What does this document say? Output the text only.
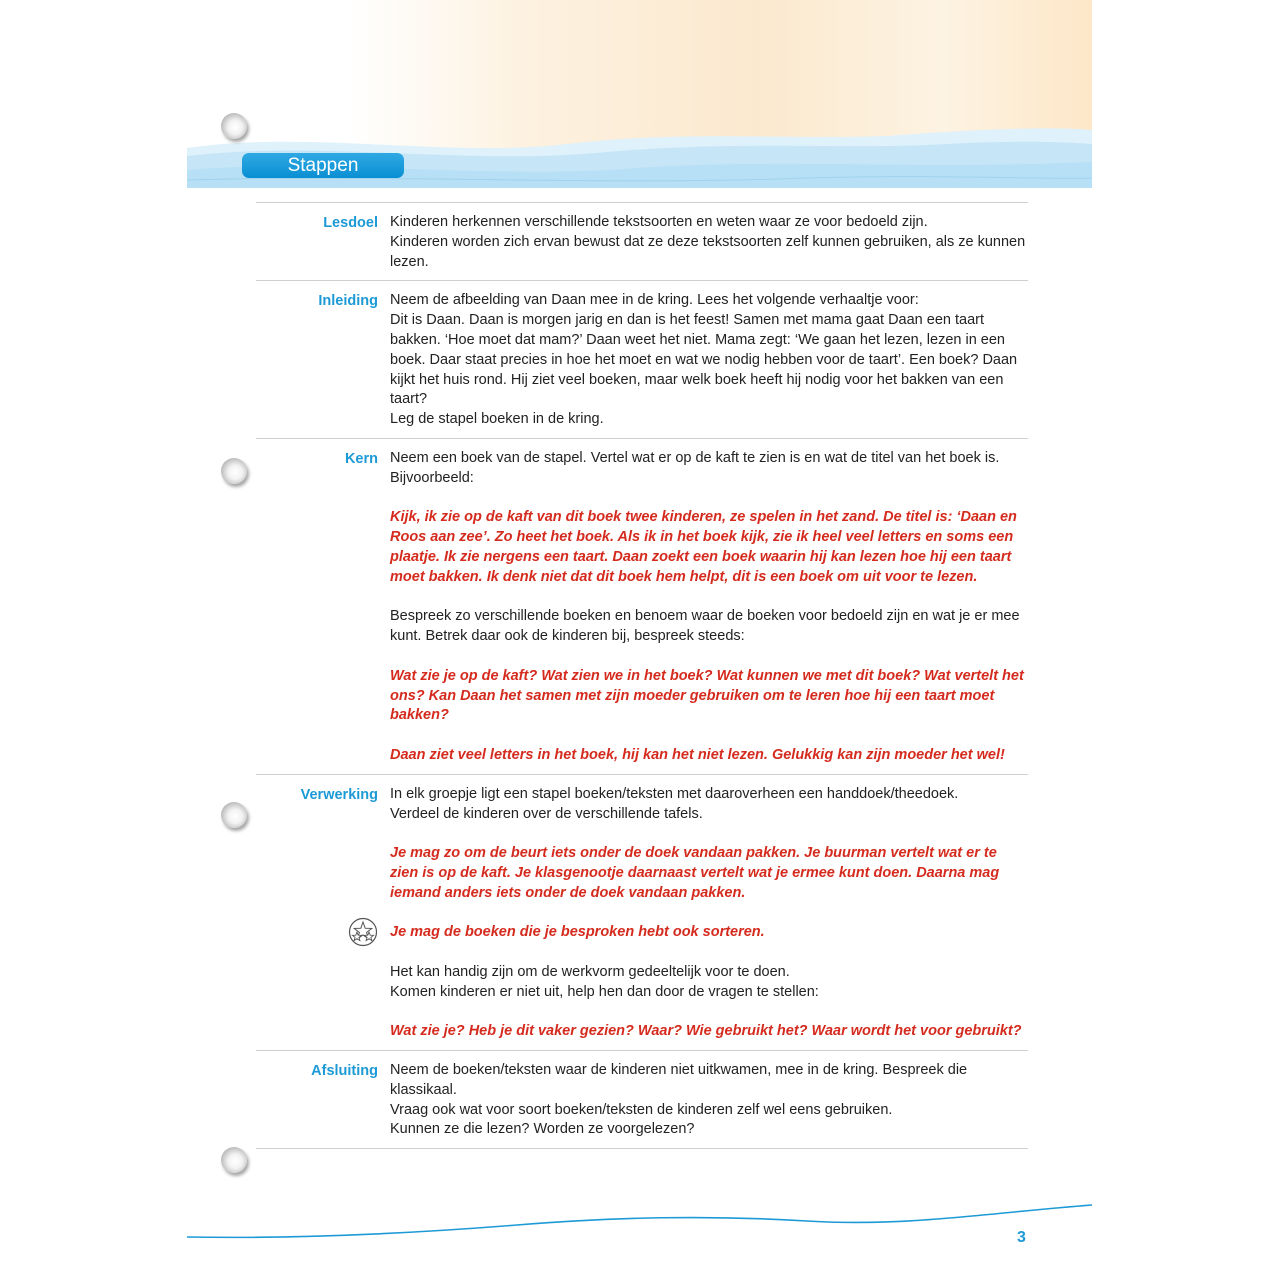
Stappen
Lesdoel Kinderen herkennen verschillende tekstsoorten en weten waar ze voor bedoeld zijn.

Kinderen worden zich ervan bewust dat ze deze tekstsoorten zelf kunnen gebruiken, als ze kunnen lezen.

Inleiding Neem de afbeelding van Daan mee in de kring. Lees het volgende verhaaltje voor:

Dit is Daan. Daan is morgen jarig en dan is het feest! Samen met mama gaat Daan een taart bakken. ‘Hoe moet dat mam?’ Daan weet het niet. Mama zegt: ‘We gaan het lezen, lezen in een boek. Daar staat precies in hoe het moet en wat we nodig hebben voor de taart’. Een boek? Daan kijkt het huis rond. Hij ziet veel boeken, maar welk boek heeft hij nodig voor het bakken van een taart?

Leg de stapel boeken in de kring.

Kern Neem een boek van de stapel. Vertel wat er op de kaft te zien is en wat de titel van het boek is. Bijvoorbeeld:

Kijk, ik zie op de kaft van dit boek twee kinderen, ze spelen in het zand. De titel is: ‘Daan en Roos aan zee’. Zo heet het boek. Als ik in het boek kijk, zie ik heel veel letters en soms een plaatje. Ik zie nergens een taart. Daan zoekt een boek waarin hij kan lezen hoe hij een taart moet bakken. Ik denk niet dat dit boek hem helpt, dit is een boek om uit voor te lezen.

Bespreek zo verschillende boeken en benoem waar de boeken voor bedoeld zijn en wat je er mee kunt. Betrek daar ook de kinderen bij, bespreek steeds:

Wat zie je op de kaft? Wat zien we in het boek? Wat kunnen we met dit boek? Wat vertelt het ons? Kan Daan het samen met zijn moeder gebruiken om te leren hoe hij een taart moet bakken?

Daan ziet veel letters in het boek, hij kan het niet lezen. Gelukkig kan zijn moeder het wel!

Verwerking In elk groepje ligt een stapel boeken/teksten met daaroverheen een handdoek/theedoek.

Verdeel de kinderen over de verschillende tafels.

Je mag zo om de beurt iets onder de doek vandaan pakken. Je buurman vertelt wat er te zien is op de kaft. Je klasgenootje daarnaast vertelt wat je ermee kunt doen. Daarna mag iemand anders iets onder de doek vandaan pakken.

Je mag de boeken die je besproken hebt ook sorteren.

Het kan handig zijn om de werkvorm gedeeltelijk voor te doen.

Komen kinderen er niet uit, help hen dan door de vragen te stellen:

Wat zie je? Heb je dit vaker gezien? Waar? Wie gebruikt het? Waar wordt het voor gebruikt?

Afsluiting Neem de boeken/teksten waar de kinderen niet uitkwamen, mee in de kring. Bespreek die klassikaal.

Vraag ook wat voor soort boeken/teksten de kinderen zelf wel eens gebruiken.

Kunnen ze die lezen? Worden ze voorgelezen?

3
